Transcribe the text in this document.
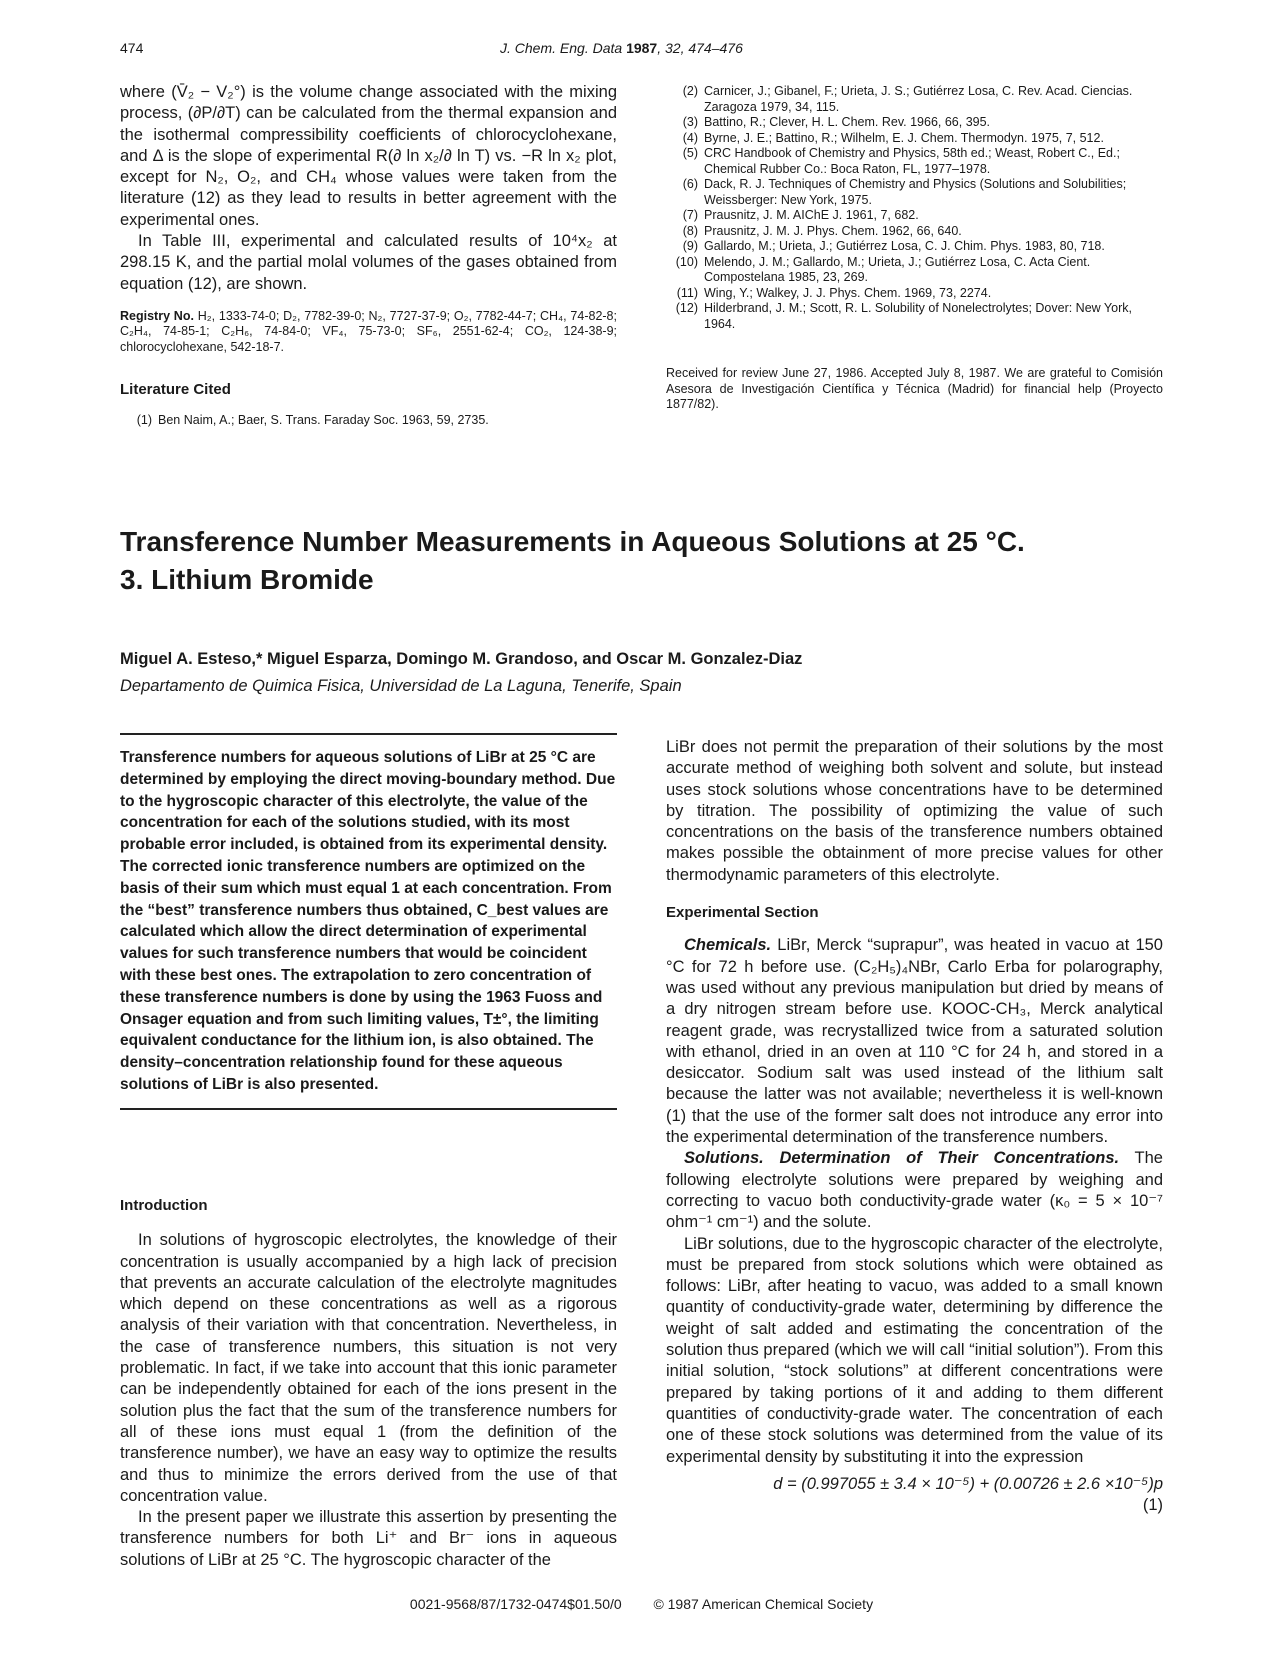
474	J. Chem. Eng. Data 1987, 32, 474–476

where (V̄₂ − V₂°) is the volume change associated with the mixing process, (∂P/∂T) can be calculated from the thermal expansion and the isothermal compressibility coefficients of chlorocyclohexane, and Δ is the slope of experimental R(∂ ln x₂/∂ ln T) vs. −R ln x₂ plot, except for N₂, O₂, and CH₄ whose values were taken from the literature (12) as they lead to results in better agreement with the experimental ones.

In Table III, experimental and calculated results of 10⁴x₂ at 298.15 K, and the partial molal volumes of the gases obtained from equation (12), are shown.

Registry No. H₂, 1333-74-0; D₂, 7782-39-0; N₂, 7727-37-9; O₂, 7782-44-7; CH₄, 74-82-8; C₂H₄, 74-85-1; C₂H₆, 74-84-0; VF₄, 75-73-0; SF₆, 2551-62-4; CO₂, 124-38-9; chlorocyclohexane, 542-18-7.

Literature Cited
(1) Ben Naim, A.; Baer, S. Trans. Faraday Soc. 1963, 59, 2735.
(2) Carnicer, J.; Gibanel, F.; Urieta, J. S.; Gutiérrez Losa, C. Rev. Acad. Ciencias. Zaragoza 1979, 34, 115.
(3) Battino, R.; Clever, H. L. Chem. Rev. 1966, 66, 395.
(4) Byrne, J. E.; Battino, R.; Wilhelm, E. J. Chem. Thermodyn. 1975, 7, 512.
(5) CRC Handbook of Chemistry and Physics, 58th ed.; Weast, Robert C., Ed.; Chemical Rubber Co.: Boca Raton, FL, 1977–1978.
(6) Dack, R. J. Techniques of Chemistry and Physics (Solutions and Solubilities; Weissberger: New York, 1975.
(7) Prausnitz, J. M. AIChE J. 1961, 7, 682.
(8) Prausnitz, J. M. J. Phys. Chem. 1962, 66, 640.
(9) Gallardo, M.; Urieta, J.; Gutiérrez Losa, C. J. Chim. Phys. 1983, 80, 718.
(10) Melendo, J. M.; Gallardo, M.; Urieta, J.; Gutiérrez Losa, C. Acta Cient. Compostelana 1985, 23, 269.
(11) Wing, Y.; Walkey, J. J. Phys. Chem. 1969, 73, 2274.
(12) Hilderbrand, J. M.; Scott, R. L. Solubility of Nonelectrolytes; Dover: New York, 1964.

Received for review June 27, 1986. Accepted July 8, 1987. We are grateful to Comisión Asesora de Investigación Científica y Técnica (Madrid) for financial help (Proyecto 1877/82).

Transference Number Measurements in Aqueous Solutions at 25 °C.
3. Lithium Bromide
Miguel A. Esteso,* Miguel Esparza, Domingo M. Grandoso, and Oscar M. Gonzalez-Diaz
Departamento de Quimica Fisica, Universidad de La Laguna, Tenerife, Spain

Transference numbers for aqueous solutions of LiBr at 25 °C are determined by employing the direct moving-boundary method. Due to the hygroscopic character of this electrolyte, the value of the concentration for each of the solutions studied, with its most probable error included, is obtained from its experimental density. The corrected ionic transference numbers are optimized on the basis of their sum which must equal 1 at each concentration. From the “best” transference numbers thus obtained, C_best values are calculated which allow the direct determination of experimental values for such transference numbers that would be coincident with these best ones. The extrapolation to zero concentration of these transference numbers is done by using the 1963 Fuoss and Onsager equation and from such limiting values, T±°, the limiting equivalent conductance for the lithium ion, is also obtained. The density–concentration relationship found for these aqueous solutions of LiBr is also presented.

Introduction

In solutions of hygroscopic electrolytes, the knowledge of their concentration is usually accompanied by a high lack of precision that prevents an accurate calculation of the electrolyte magnitudes which depend on these concentrations as well as a rigorous analysis of their variation with that concentration. Nevertheless, in the case of transference numbers, this situation is not very problematic. In fact, if we take into account that this ionic parameter can be independently obtained for each of the ions present in the solution plus the fact that the sum of the transference numbers for all of these ions must equal 1 (from the definition of the transference number), we have an easy way to optimize the results and thus to minimize the errors derived from the use of that concentration value.

In the present paper we illustrate this assertion by presenting the transference numbers for both Li⁺ and Br⁻ ions in aqueous solutions of LiBr at 25 °C. The hygroscopic character of the

LiBr does not permit the preparation of their solutions by the most accurate method of weighing both solvent and solute, but instead uses stock solutions whose concentrations have to be determined by titration. The possibility of optimizing the value of such concentrations on the basis of the transference numbers obtained makes possible the obtainment of more precise values for other thermodynamic parameters of this electrolyte.

Experimental Section

Chemicals. LiBr, Merck “suprapur”, was heated in vacuo at 150 °C for 72 h before use. (C₂H₅)₄NBr, Carlo Erba for polarography, was used without any previous manipulation but dried by means of a dry nitrogen stream before use. KOOC-CH₃, Merck analytical reagent grade, was recrystallized twice from a saturated solution with ethanol, dried in an oven at 110 °C for 24 h, and stored in a desiccator. Sodium salt was used instead of the lithium salt because the latter was not available; nevertheless it is well-known (1) that the use of the former salt does not introduce any error into the experimental determination of the transference numbers.

Solutions. Determination of Their Concentrations. The following electrolyte solutions were prepared by weighing and correcting to vacuo both conductivity-grade water (κ₀ = 5 × 10⁻⁷ ohm⁻¹ cm⁻¹) and the solute.

LiBr solutions, due to the hygroscopic character of the electrolyte, must be prepared from stock solutions which were obtained as follows: LiBr, after heating to vacuo, was added to a small known quantity of conductivity-grade water, determining by difference the weight of salt added and estimating the concentration of the solution thus prepared (which we will call “initial solution”). From this initial solution, “stock solutions” at different concentrations were prepared by taking portions of it and adding to them different quantities of conductivity-grade water. The concentration of each one of these stock solutions was determined from the value of its experimental density by substituting it into the expression

d = (0.997055 ± 3.4 × 10⁻⁵) + (0.00726 ± 2.6 ×10⁻⁵)p
(1)
0021-9568/87/1732-0474$01.50/0 © 1987 American Chemical Society
